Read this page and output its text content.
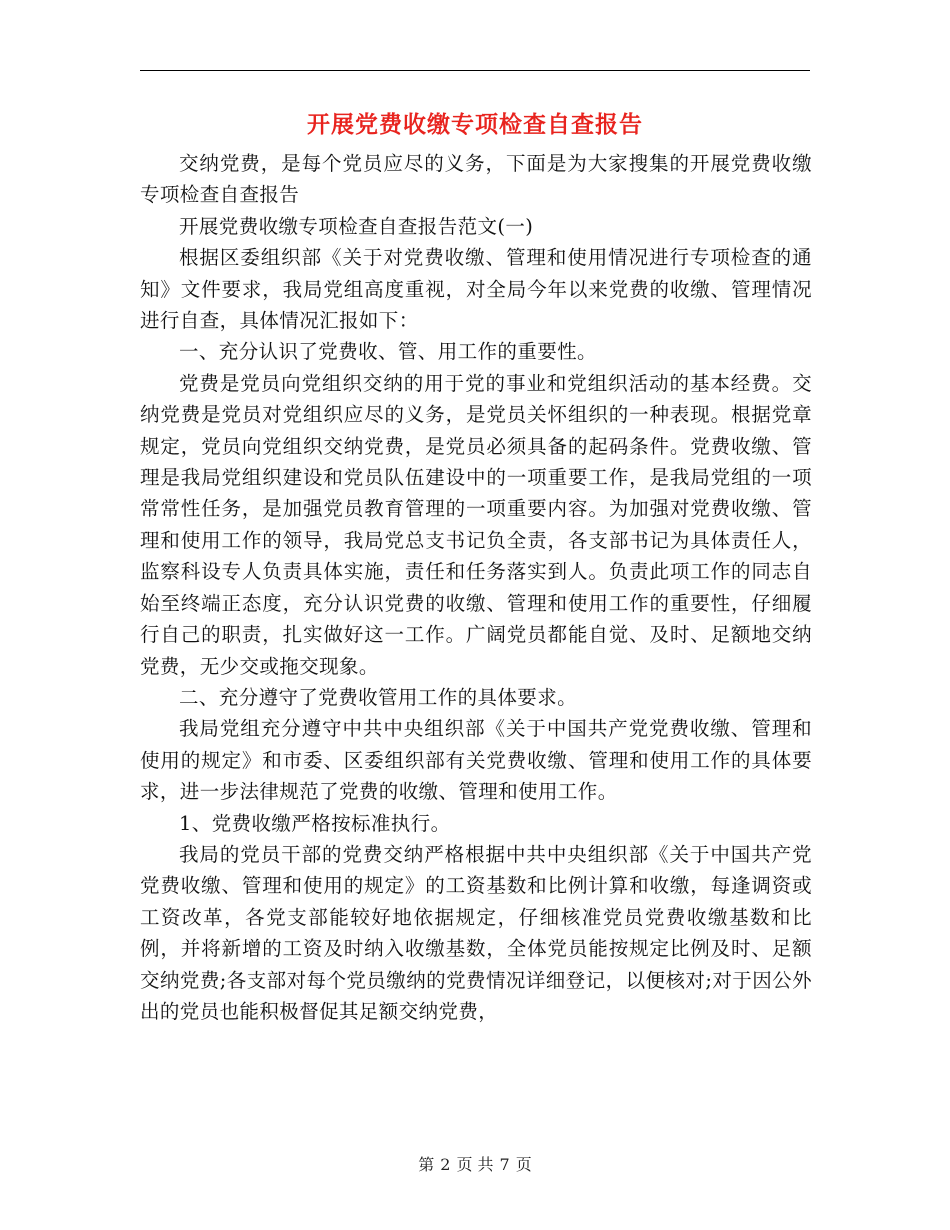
开展党费收缴专项检查自查报告

交纳党费，是每个党员应尽的义务，下面是为大家搜集的开展党费收缴专项检查自查报告

开展党费收缴专项检查自查报告范文(一)

根据区委组织部《关于对党费收缴、管理和使用情况进行专项检查的通知》文件要求，我局党组高度重视，对全局今年以来党费的收缴、管理情况进行自查，具体情况汇报如下：

一、充分认识了党费收、管、用工作的重要性。

党费是党员向党组织交纳的用于党的事业和党组织活动的基本经费。交纳党费是党员对党组织应尽的义务，是党员关怀组织的一种表现。根据党章规定，党员向党组织交纳党费，是党员必须具备的起码条件。党费收缴、管理是我局党组织建设和党员队伍建设中的一项重要工作，是我局党组的一项常常性任务，是加强党员教育管理的一项重要内容。为加强对党费收缴、管理和使用工作的领导，我局党总支书记负全责，各支部书记为具体责任人，监察科设专人负责具体实施，责任和任务落实到人。负责此项工作的同志自始至终端正态度，充分认识党费的收缴、管理和使用工作的重要性，仔细履行自己的职责，扎实做好这一工作。广阔党员都能自觉、及时、足额地交纳党费，无少交或拖交现象。

二、充分遵守了党费收管用工作的具体要求。

我局党组充分遵守中共中央组织部《关于中国共产党党费收缴、管理和使用的规定》和市委、区委组织部有关党费收缴、管理和使用工作的具体要求，进一步法律规范了党费的收缴、管理和使用工作。

1、党费收缴严格按标准执行。

我局的党员干部的党费交纳严格根据中共中央组织部《关于中国共产党党费收缴、管理和使用的规定》的工资基数和比例计算和收缴，每逢调资或工资改革，各党支部能较好地依据规定，仔细核准党员党费收缴基数和比例，并将新增的工资及时纳入收缴基数，全体党员能按规定比例及时、足额交纳党费;各支部对每个党员缴纳的党费情况详细登记，以便核对;对于因公外出的党员也能积极督促其足额交纳党费，

第 2 页 共 7 页
